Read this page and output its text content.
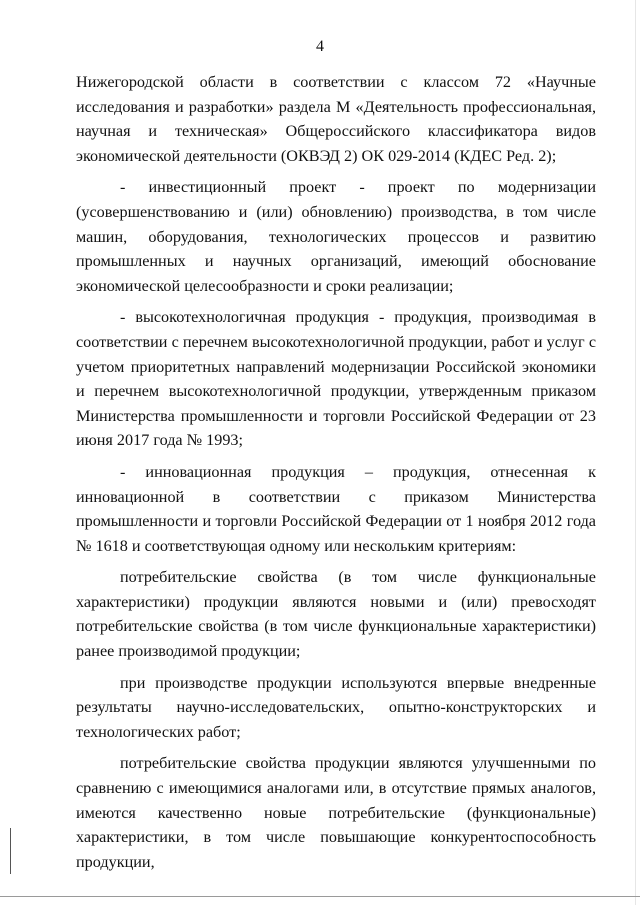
4

Нижегородской области в соответствии с классом 72 «Научные исследования и разработки» раздела М «Деятельность профессиональная, научная и техническая» Общероссийского классификатора видов экономической деятельности (ОКВЭД 2) ОК 029-2014 (КДЕС Ред. 2);

- инвестиционный проект - проект по модернизации (усовершенствованию и (или) обновлению) производства, в том числе машин, оборудования, технологических процессов и развитию промышленных и научных организаций, имеющий обоснование экономической целесообразности и сроки реализации;

- высокотехнологичная продукция - продукция, производимая в соответствии с перечнем высокотехнологичной продукции, работ и услуг с учетом приоритетных направлений модернизации Российской экономики и перечнем высокотехнологичной продукции, утвержденным приказом Министерства промышленности и торговли Российской Федерации от 23 июня 2017 года № 1993;

- инновационная продукция – продукция, отнесенная к инновационной в соответствии с приказом Министерства промышленности и торговли Российской Федерации от 1 ноября 2012 года № 1618 и соответствующая одному или нескольким критериям:

потребительские свойства (в том числе функциональные характеристики) продукции являются новыми и (или) превосходят потребительские свойства (в том числе функциональные характеристики) ранее производимой продукции;

при производстве продукции используются впервые внедренные результаты научно-исследовательских, опытно-конструкторских и технологических работ;

потребительские свойства продукции являются улучшенными по сравнению с имеющимися аналогами или, в отсутствие прямых аналогов, имеются качественно новые потребительские (функциональные) характеристики, в том числе повышающие конкурентоспособность продукции,
